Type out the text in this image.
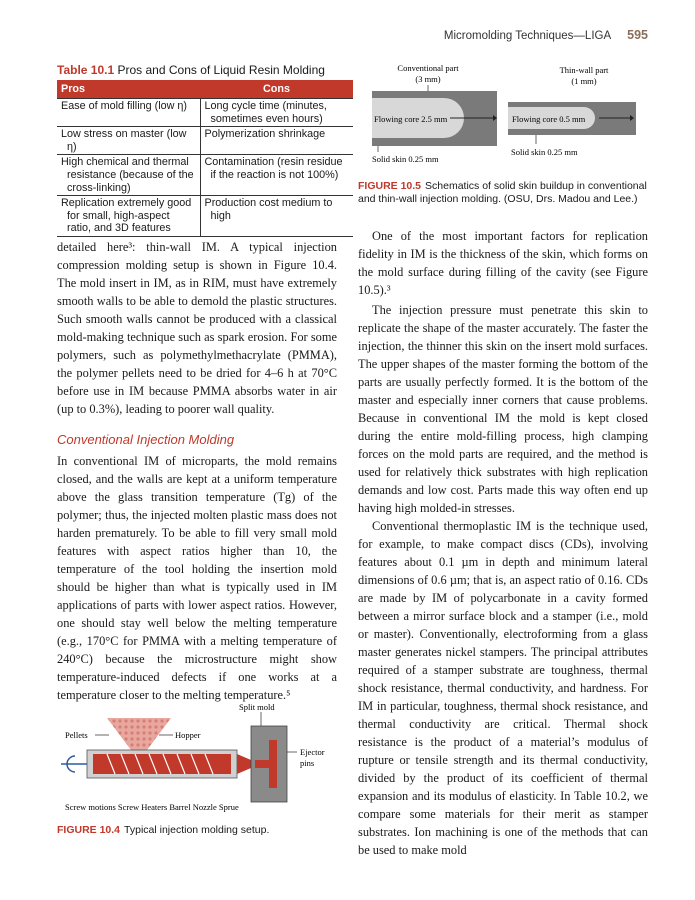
Micromolding Techniques—LIGA 595
Table 10.1 Pros and Cons of Liquid Resin Molding
Pros	Cons
Ease of mold filling (low η)	Long cycle time (minutes, sometimes even hours)
Low stress on master (low η)	Polymerization shrinkage
High chemical and thermal resistance (because of the cross-linking)	Contamination (resin residue if the reaction is not 100%)
Replication extremely good for small, high-aspect ratio, and 3D features	Production cost medium to high
Conventional part
(3 mm)
Thin-wall part
(1 mm)
Flowing core 2.5 mm
Solid skin 0.25 mm
Flowing core 0.5 mm
Solid skin 0.25 mm
FIGURE 10.5 Schematics of solid skin buildup in conventional and thin-wall injection molding. (OSU, Drs. Madou and Lee.)

detailed here³: thin-wall IM. A typical injection compression molding setup is shown in Figure 10.4. The mold insert in IM, as in RIM, must have extremely smooth walls to be able to demold the plastic structures. Such smooth walls cannot be produced with a classical mold-making technique such as spark erosion. For some polymers, such as polymethylmethacrylate (PMMA), the polymer pellets need to be dried for 4–6 h at 70°C before use in IM because PMMA absorbs water in air (up to 0.3%), leading to poorer wall quality.

Conventional Injection Molding

In conventional IM of microparts, the mold remains closed, and the walls are kept at a uniform temperature above the glass transition temperature (Tg) of the polymer; thus, the injected molten plastic mass does not harden prematurely. To be able to fill very small mold features with aspect ratios higher than 10, the temperature of the tool holding the insertion mold should be higher than what is typically used in IM applications of parts with lower aspect ratios. However, one should stay well below the melting temperature (e.g., 170°C for PMMA with a melting temperature of 240°C) because the microstructure might show temperature-induced defects if one works at a temperature closer to the melting temperature.⁵

Split mold
Pellets	Hopper
Ejector
pins
Screw motions Screw Heaters Barrel Nozzle Sprue
FIGURE 10.4 Typical injection molding setup.

One of the most important factors for replication fidelity in IM is the thickness of the skin, which forms on the mold surface during filling of the cavity (see Figure 10.5).³

The injection pressure must penetrate this skin to replicate the shape of the master accurately. The faster the injection, the thinner this skin on the insert mold surfaces. The upper shapes of the master forming the bottom of the parts are usually perfectly formed. It is the bottom of the master and especially inner corners that cause problems. Because in conventional IM the mold is kept closed during the entire mold-filling process, high clamping forces on the mold parts are required, and the method is used for relatively thick substrates with high replication demands and low cost. Parts made this way often end up having high molded-in stresses.

Conventional thermoplastic IM is the technique used, for example, to make compact discs (CDs), involving features about 0.1 µm in depth and minimum lateral dimensions of 0.6 µm; that is, an aspect ratio of 0.16. CDs are made by IM of polycarbonate in a cavity formed between a mirror surface block and a stamper (i.e., mold or master). Conventionally, electroforming from a glass master generates nickel stampers. The principal attributes required of a stamper substrate are toughness, thermal shock resistance, thermal conductivity, and hardness. For IM in particular, toughness, thermal shock resistance, and thermal conductivity are critical. Thermal shock resistance is the product of a material’s modulus of rupture or tensile strength and its thermal conductivity, divided by the product of its coefficient of thermal expansion and its modulus of elasticity. In Table 10.2, we compare some materials for their merit as stamper substrates. Ion machining is one of the methods that can be used to make mold
